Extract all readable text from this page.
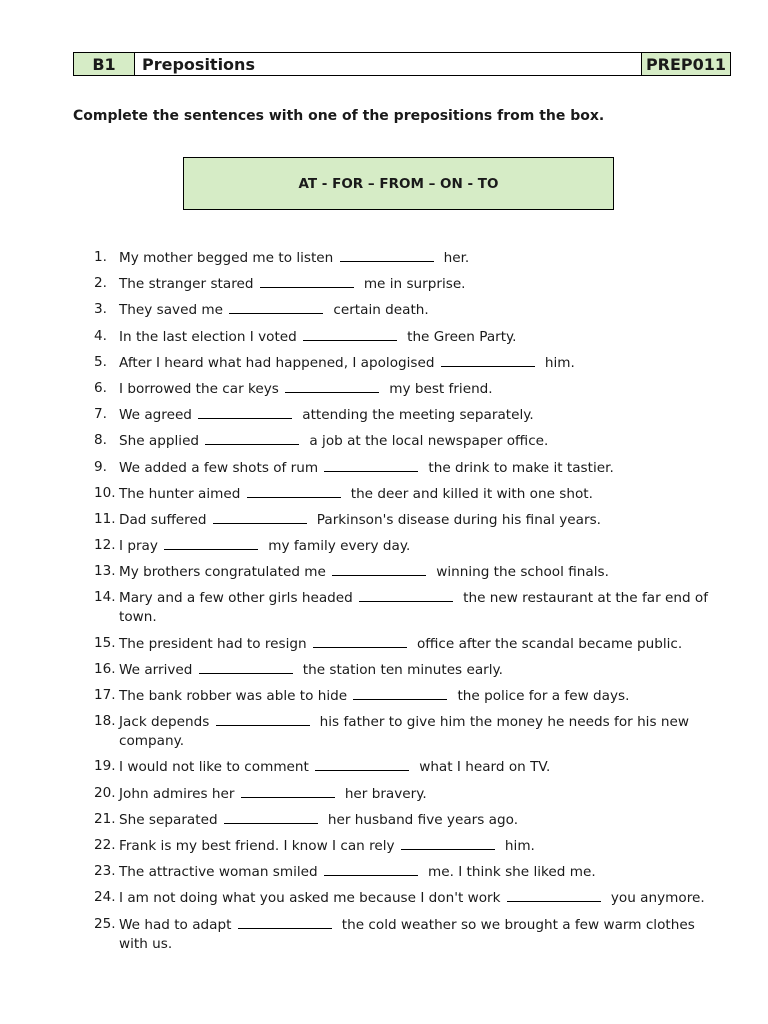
B1	Prepositions	PREP011
Complete the sentences with one of the prepositions from the box.
AT - FOR – FROM – ON - TO
1. My mother begged me to listen	her.
2. The stranger stared	me in surprise.
3. They saved me	certain death.
4. In the last election I voted	the Green Party.
5. After I heard what had happened, I apologised	him.
6. I borrowed the car keys	my best friend.
7. We agreed	attending the meeting separately.
8. She applied	a job at the local newspaper office.
9. We added a few shots of rum	the drink to make it tastier.
10. The hunter aimed	the deer and killed it with one shot.
11. Dad suffered	Parkinson's disease during his final years.
12. I pray	my family every day.
13. My brothers congratulated me	winning the school finals.
14. Mary and a few other girls headed	the new restaurant at the far end of town.
15. The president had to resign	office after the scandal became public.
16. We arrived	the station ten minutes early.
17. The bank robber was able to hide	the police for a few days.
18. Jack depends	his father to give him the money he needs for his new company.
19. I would not like to comment	what I heard on TV.
20. John admires her	her bravery.
21. She separated	her husband five years ago.
22. Frank is my best friend. I know I can rely	him.
23. The attractive woman smiled	me. I think she liked me.
24. I am not doing what you asked me because I don't work	you anymore.
25. We had to adapt	the cold weather so we brought a few warm clothes with us.
